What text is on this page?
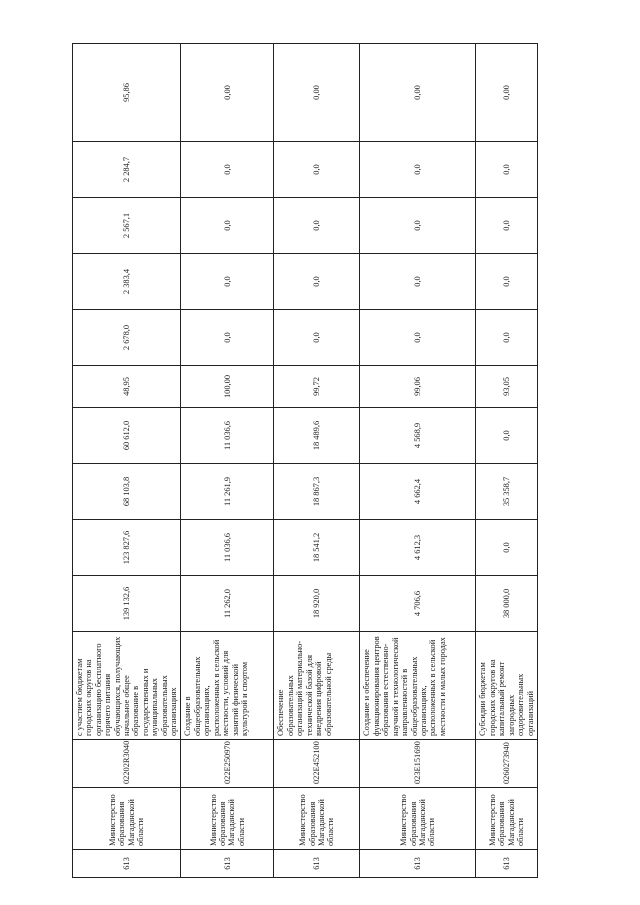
613	Министерство образования Магаданской области	02202R3040	с участием бюджетам городских округов на организацию бесплатного горячего питания обучающихся, получающих начальное общее образование в государственных и муниципальных образовательных организациях	139 132,6	123 827,6	68 103,8	60 612,0	48,95	2 678,0	2 383,4	2 567,1	2 284,7	95,86
613	Министерство образования Магаданской области	022E250970	Создание в общеобразовательных организациях, расположенных в сельской местности, условий для занятий физической культурой и спортом	11 262,0	11 036,6	11 261,9	11 036,6	100,00	0,0	0,0	0,0	0,0	0,00
613	Министерство образования Магаданской области	022E452100	Обеспечение образовательных организаций материально-технической базой для внедрения цифровой образовательной среды	18 920,0	18 541,2	18 867,3	18 489,6	99,72	0,0	0,0	0,0	0,0	0,00
613	Министерство образования Магаданской области	023E151690	Создание и обеспечение функционирования центров образования естественно-научной и технологической направленностей в общеобразовательных организациях, расположенных в сельской местности и малых городах	4 706,6	4 612,3	4 662,4	4 568,9	99,06	0,0	0,0	0,0	0,0	0,00
613	Министерство образования Магаданской области	0260273940	Субсидии бюджетам городских округов на капитальный ремонт загородных оздоровительных организаций	38 000,0	0,0	35 358,7	0,0	93,05	0,0	0,0	0,0	0,0	0,00
